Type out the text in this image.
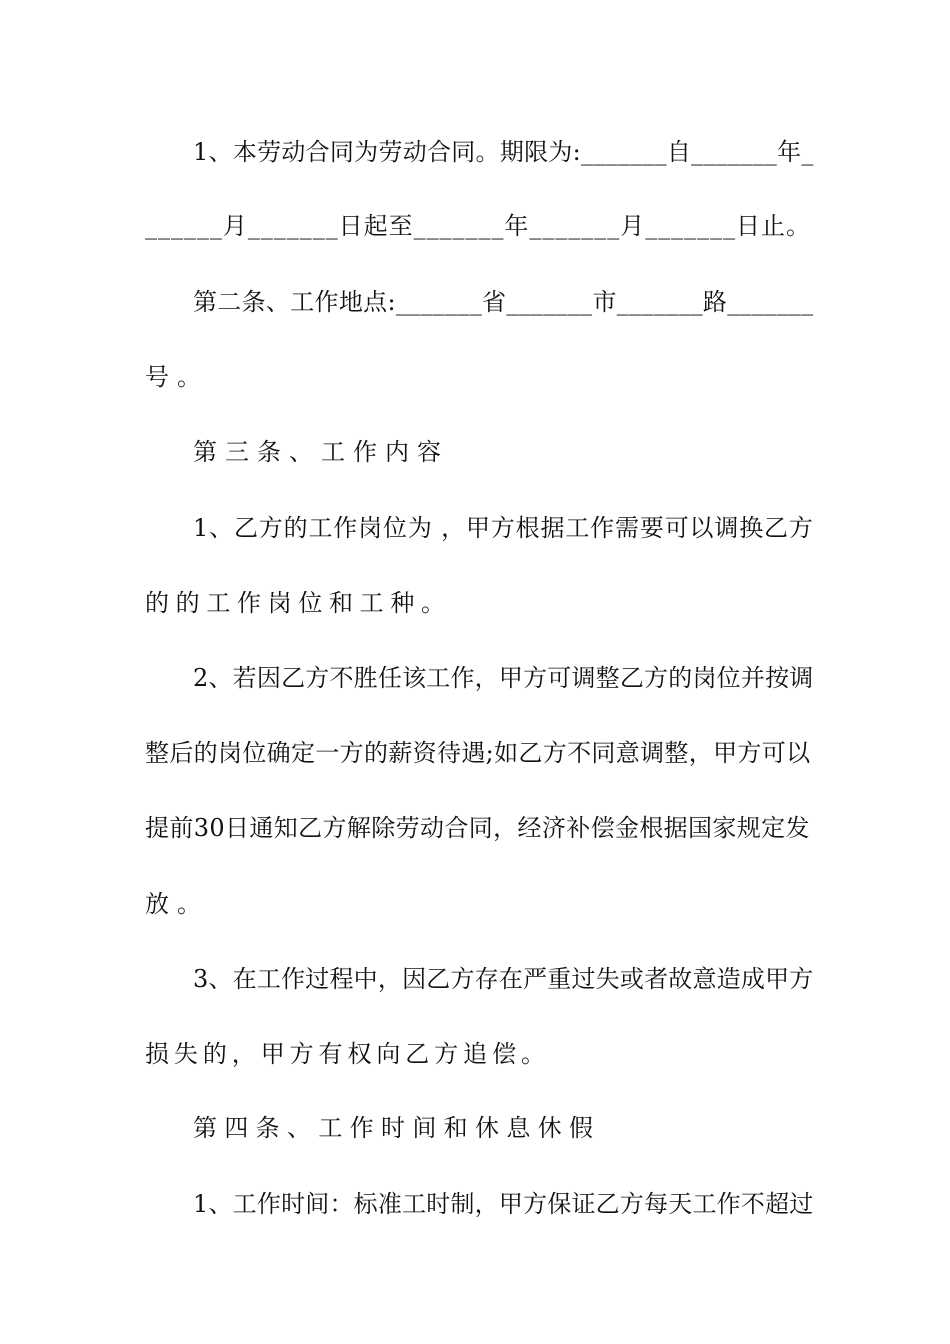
1、本劳动合同为劳动合同。期限为:_______自_______年_
______月_______日起至_______年_______月_______日止。
第二条、工作地点:_______省_______市_______路_______
号。
第三条、工作内容
1、乙方的工作岗位为 ，甲方根据工作需要可以调换乙方
的的工作岗位和工种。
2、若因乙方不胜任该工作，甲方可调整乙方的岗位并按调
整后的岗位确定一方的薪资待遇;如乙方不同意调整，甲方可以
提前30日通知乙方解除劳动合同，经济补偿金根据国家规定发
放。
3、在工作过程中，因乙方存在严重过失或者故意造成甲方
损失的，甲方有权向乙方追偿。
第四条、工作时间和休息休假
1、工作时间：标准工时制，甲方保证乙方每天工作不超过
